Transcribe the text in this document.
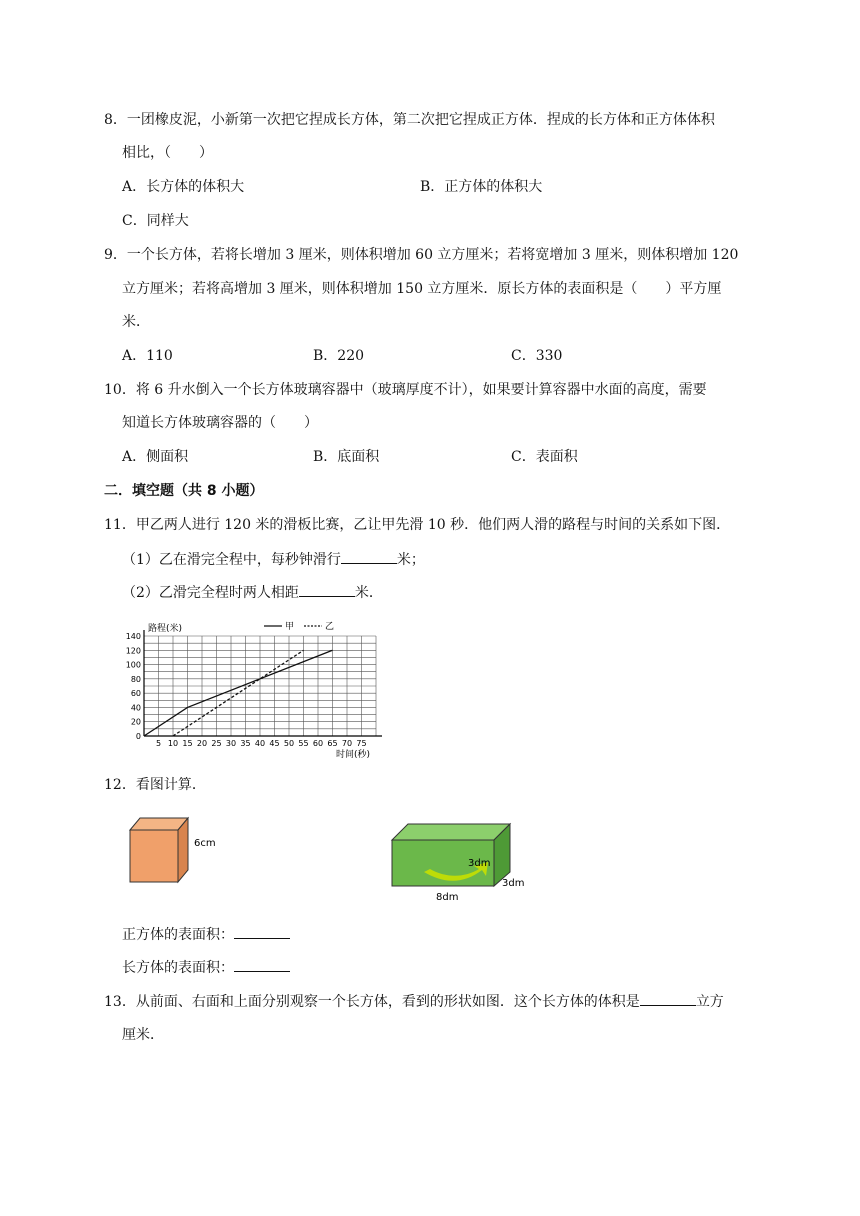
8．一团橡皮泥，小新第一次把它捏成长方体，第二次把它捏成正方体．捏成的长方体和正方体体积
相比，（　　）
A．长方体的体积大	B．正方体的体积大
C．同样大
9．一个长方体，若将长增加 3 厘米，则体积增加 60 立方厘米；若将宽增加 3 厘米，则体积增加 120
立方厘米；若将高增加 3 厘米，则体积增加 150 立方厘米．原长方体的表面积是（　　）平方厘
米．
A．110	B．220	C．330
10．将 6 升水倒入一个长方体玻璃容器中（玻璃厚度不计），如果要计算容器中水面的高度，需要
知道长方体玻璃容器的（　　）
A．侧面积	B．底面积	C．表面积
二．填空题（共 8 小题）
11．甲乙两人进行 120 米的滑板比赛，乙让甲先滑 10 秒．他们两人滑的路程与时间的关系如下图．
（1）乙在滑完全程中，每秒钟滑行	米；
（2）乙滑完全程时两人相距	米．
5 10 15 20 25 30 35 40 45 50 55 60 65 70 75
0
20
40
60
80
100
120
140
甲	乙
路程(米)
时间(秒)
12．看图计算．
6cm
3dm
3dm
8dm
正方体的表面积：
长方体的表面积：
13．从前面、右面和上面分别观察一个长方体，看到的形状如图．这个长方体的体积是	立方
厘米．
